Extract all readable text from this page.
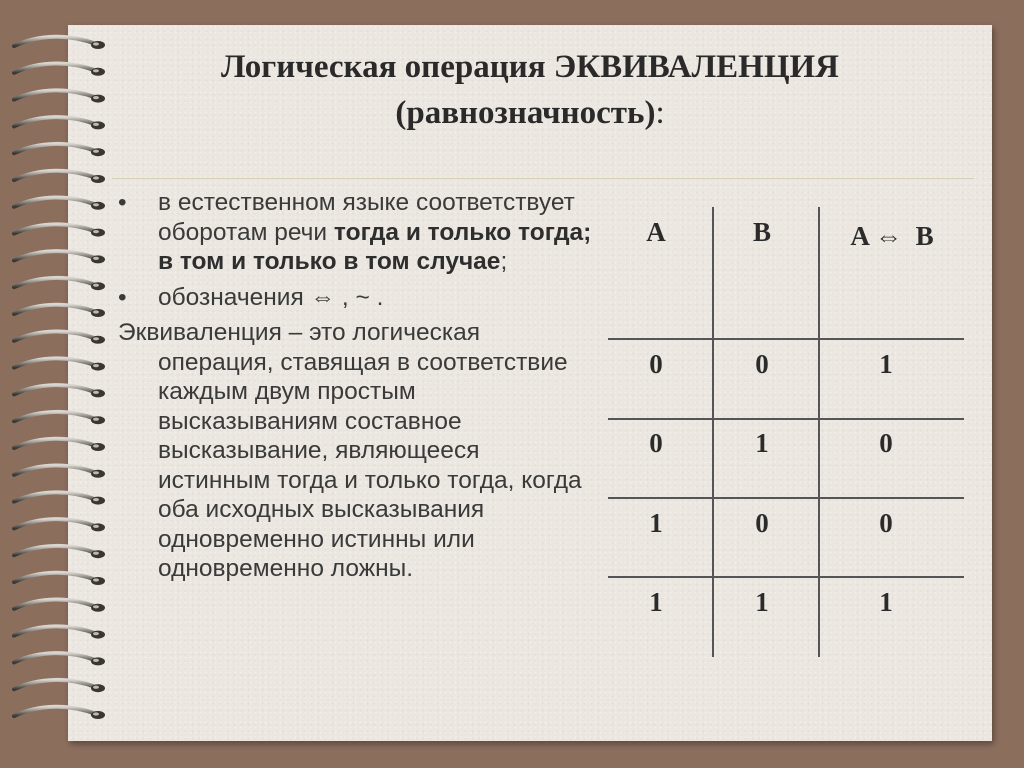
Логическая операция ЭКВИВАЛЕНЦИЯ
(равнозначность):
• в естественном языке соответствует оборотам речи тогда и только тогда; в том и только в том случае;
• обозначения ⇔ , ~ .
Эквиваленция – это логическая операция, ставящая в соответствие каждым двум простым высказываниям составное высказывание, являющееся истинным тогда и только тогда, когда оба исходных высказывания одновременно истинны или одновременно ложны.
A	B	A ⇔  B
0	0	1
0	1	0
1	0	0
1	1	1
